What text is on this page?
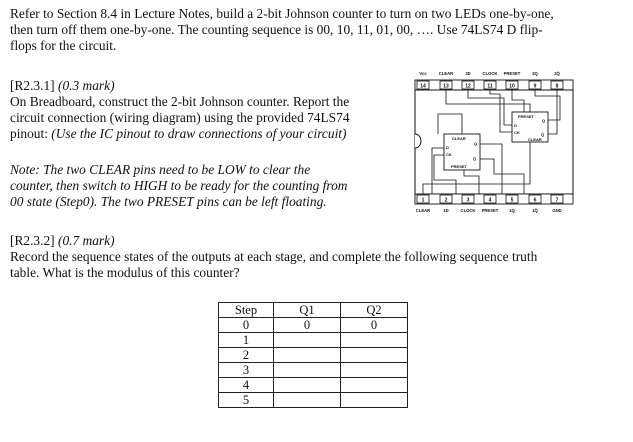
Refer to Section 8.4 in Lecture Notes, build a 2-bit Johnson counter to turn on two LEDs one-by-one,
then turn off them one-by-one. The counting sequence is 00, 10, 11, 01, 00, …. Use 74LS74 D flip-
flops for the circuit.
[R2.3.1] (0.3 mark)
On Breadboard, construct the 2-bit Johnson counter. Report the
circuit connection (wiring diagram) using the provided 74LS74
pinout: (Use the IC pinout to draw connections of your circuit)
Note: The two CLEAR pins need to be LOW to clear the
counter, then switch to HIGH to be ready for the counting from
00 state (Step0). The two PRESET pins can be left floating.
Vcc	CLEAR	2D	CLOCK PRESET	2Q	2Q̅
14	13	12	11	10	9	8
PRESET
D
CK
Q
Q̅
CLEAR
CLEAR
D
CK
Q
Q̅
PRESET
1	2	3	4	5	6	7
CLEAR	1D	CLOCK PRESET	1Q	1Q̅	GND
[R2.3.2] (0.7 mark)
Record the sequence states of the outputs at each stage, and complete the following sequence truth
table. What is the modulus of this counter?
Step	Q1	Q2
0	0	0
1		
2		
3		
4		
5		
